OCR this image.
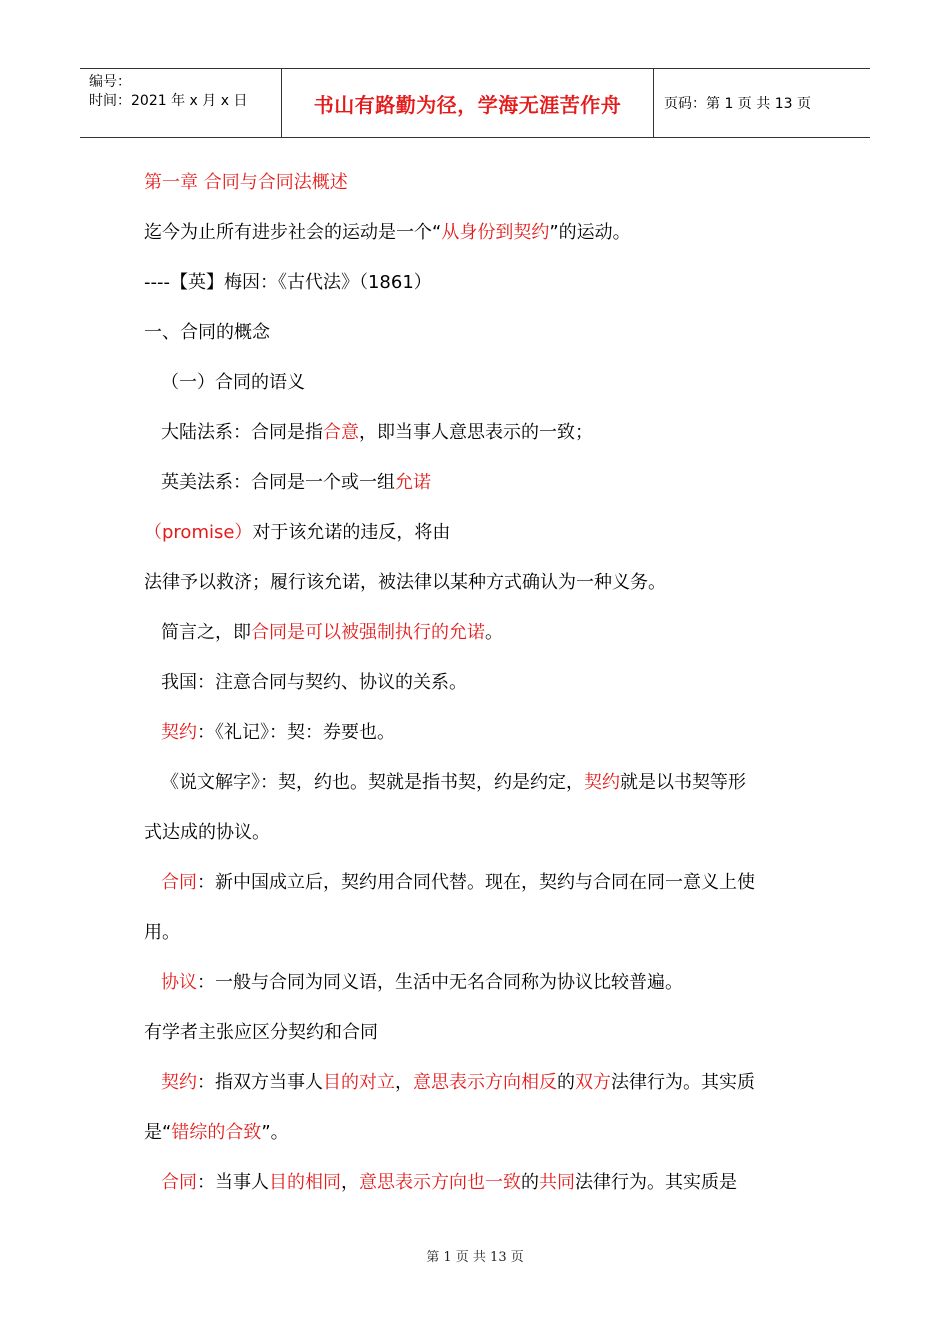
编号：
时间：2021 年 x 月 x 日	书山有路勤为径，学海无涯苦作舟	页码：第 1 页 共 13 页
第一章 合同与合同法概述
迄今为止所有进步社会的运动是一个“从身份到契约”的运动。
----【英】梅因：《古代法》（1861）
一、合同的概念
（一）合同的语义
大陆法系：合同是指合意，即当事人意思表示的一致；
英美法系：合同是一个或一组允诺
（promise）对于该允诺的违反，将由
法律予以救济；履行该允诺，被法律以某种方式确认为一种义务。
简言之，即合同是可以被强制执行的允诺。
我国：注意合同与契约、协议的关系。
契约：《礼记》：契：券要也。
《说文解字》：契，约也。契就是指书契，约是约定，契约就是以书契等形
式达成的协议。
合同：新中国成立后，契约用合同代替。现在，契约与合同在同一意义上使
用。
协议：一般与合同为同义语，生活中无名合同称为协议比较普遍。
有学者主张应区分契约和合同
契约：指双方当事人目的对立，意思表示方向相反的双方法律行为。其实质
是“错综的合致”。
合同：当事人目的相同，意思表示方向也一致的共同法律行为。其实质是
第 1 页 共 13 页
